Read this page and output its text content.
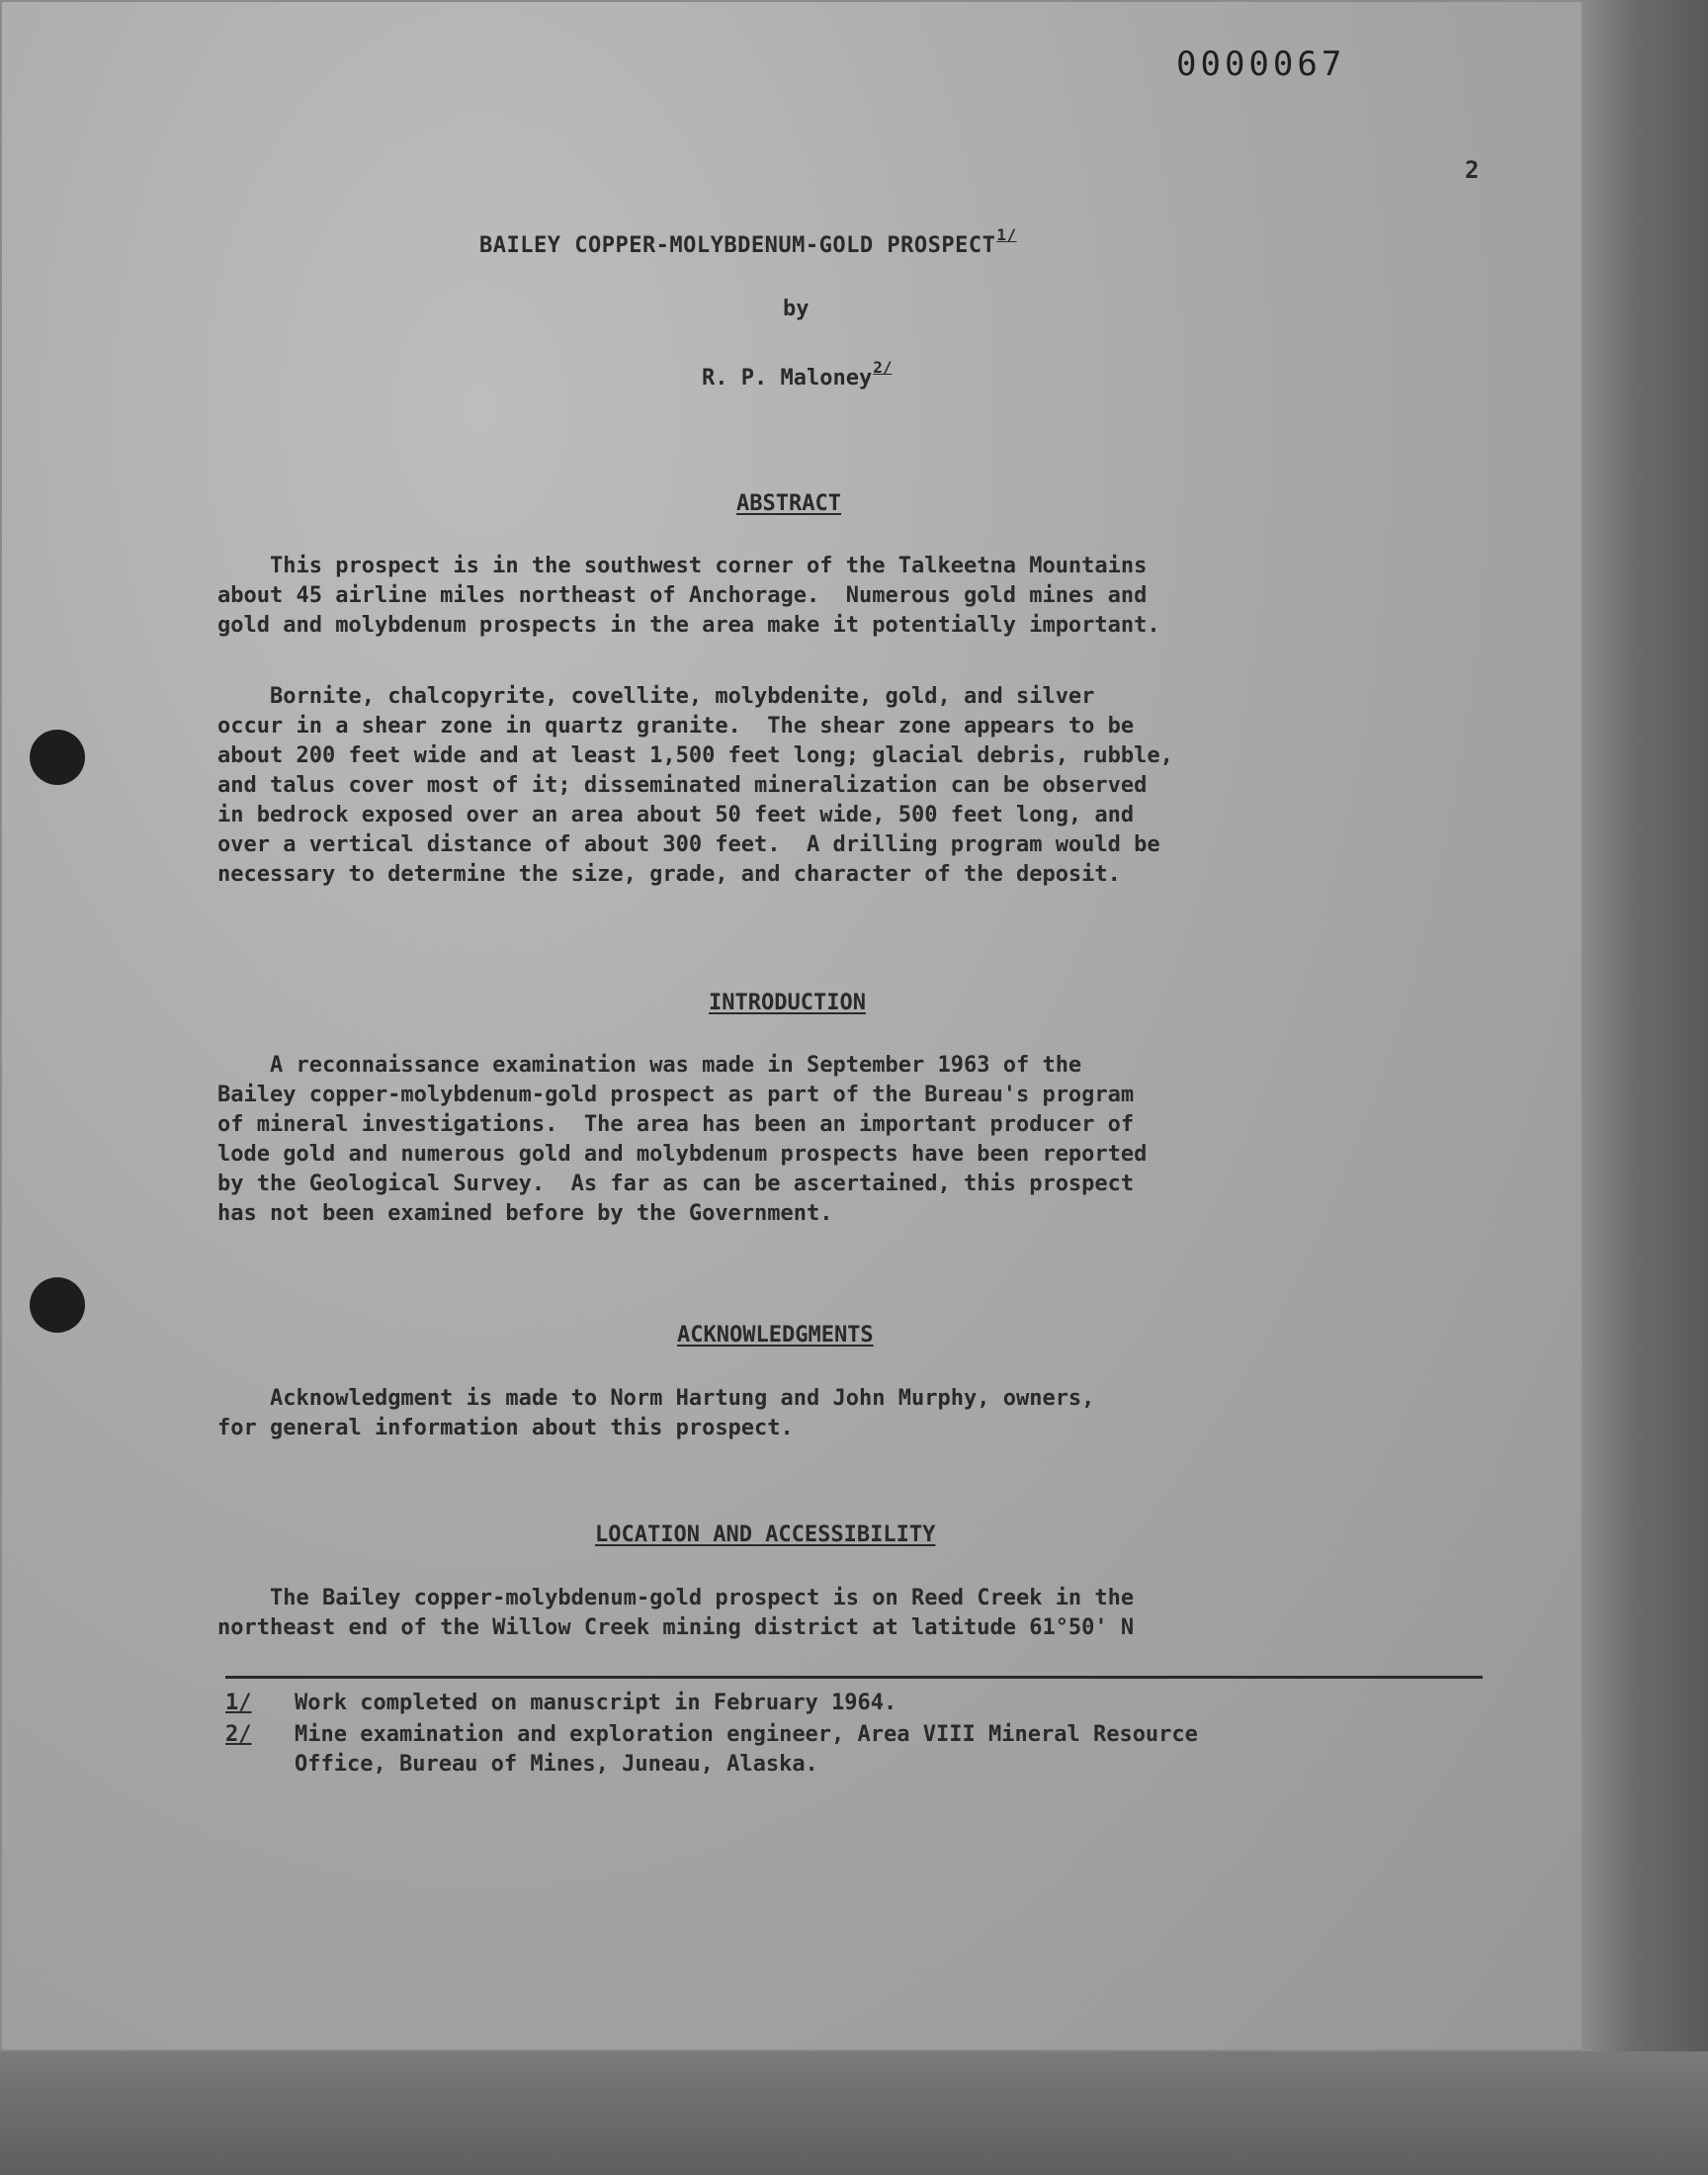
0000067
2
BAILEY COPPER-MOLYBDENUM-GOLD PROSPECT$^{1/}$
by
R. P. Maloney$^{2/}$
ABSTRACT
This prospect is in the southwest corner of the Talkeetna Mountains
about 45 airline miles northeast of Anchorage.  Numerous gold mines and
gold and molybdenum prospects in the area make it potentially important.
Bornite, chalcopyrite, covellite, molybdenite, gold, and silver
occur in a shear zone in quartz granite.  The shear zone appears to be
about 200 feet wide and at least 1,500 feet long; glacial debris, rubble,
and talus cover most of it; disseminated mineralization can be observed
in bedrock exposed over an area about 50 feet wide, 500 feet long, and
over a vertical distance of about 300 feet.  A drilling program would be
necessary to determine the size, grade, and character of the deposit.
INTRODUCTION
A reconnaissance examination was made in September 1963 of the
Bailey copper-molybdenum-gold prospect as part of the Bureau's program
of mineral investigations.  The area has been an important producer of
lode gold and numerous gold and molybdenum prospects have been reported
by the Geological Survey.  As far as can be ascertained, this prospect
has not been examined before by the Government.
ACKNOWLEDGMENTS
Acknowledgment is made to Norm Hartung and John Murphy, owners,
for general information about this prospect.
LOCATION AND ACCESSIBILITY
The Bailey copper-molybdenum-gold prospect is on Reed Creek in the
northeast end of the Willow Creek mining district at latitude 61°50' N
1/	Work completed on manuscript in February 1964.
2/	Mine examination and exploration engineer, Area VIII Mineral Resource
Office, Bureau of Mines, Juneau, Alaska.
